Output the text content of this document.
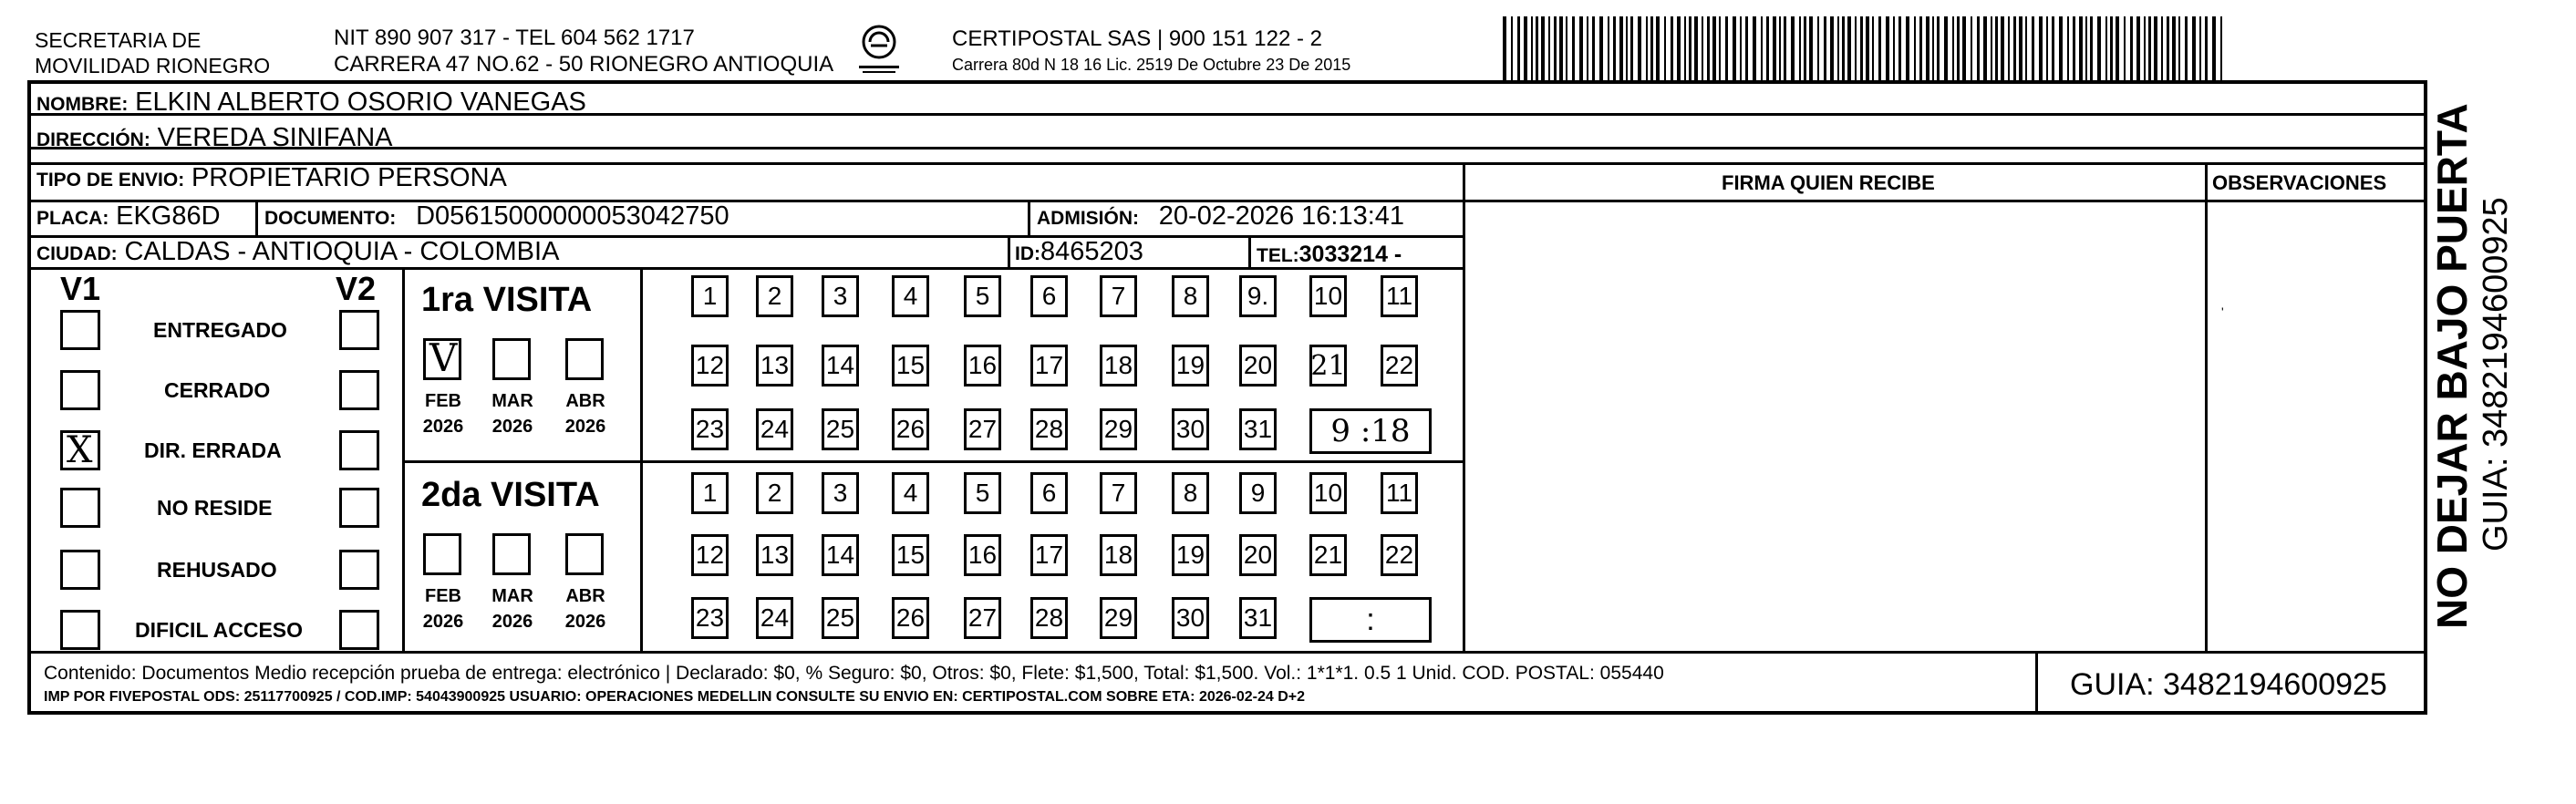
SECRETARIA DE
MOVILIDAD RIONEGRO
NIT 890 907 317 - TEL 604 562 1717
CARRERA 47 NO.62 - 50 RIONEGRO ANTIOQUIA
CERTIPOSTAL SAS | 900 151 122 - 2
Carrera 80d N 18 16 Lic. 2519 De Octubre 23 De 2015
NOMBRE: ELKIN ALBERTO OSORIO VANEGAS
DIRECCIÓN: VEREDA SINIFANA
TIPO DE ENVIO: PROPIETARIO PERSONA
PLACA: EKG86D DOCUMENTO: D05615000000053042750	ADMISIÓN: 20-02-2026 16:13:41
CIUDAD: CALDAS - ANTIOQUIA - COLOMBIA	ID:8465203	TEL:3033214 -
FIRMA QUIEN RECIBE	OBSERVACIONES
'
V1	V2
ENTREGADO
CERRADO
X DIR. ERRADA
NO RESIDE
REHUSADO
DIFICIL ACCESO
1ra VISITA
V
FEB
2026
MAR
2026
ABR
2026
1 2 3 4 5 6 7 8 9. 10 11
12 13 14 15 16 17 18 19 20 21 22
23 24 25 26 27 28 29 30 31 9 :18
2da VISITA
FEB
2026
MAR
2026
ABR
2026
1 2 3 4 5 6 7 8 9 10 11
12 13 14 15 16 17 18 19 20 21 22
23 24 25 26 27 28 29 30 31	:
Contenido: Documentos Medio recepción prueba de entrega: electrónico | Declarado: $0, % Seguro: $0, Otros: $0, Flete: $1,500, Total: $1,500. Vol.: 1*1*1. 0.5 1 Unid. COD. POSTAL: 055440
IMP POR FIVEPOSTAL ODS: 25117700925 / COD.IMP: 54043900925 USUARIO: OPERACIONES MEDELLIN CONSULTE SU ENVIO EN: CERTIPOSTAL.COM SOBRE ETA: 2026-02-24 D+2	GUIA: 3482194600925
NO DEJAR BAJO PUERTA GUIA: 3482194600925
